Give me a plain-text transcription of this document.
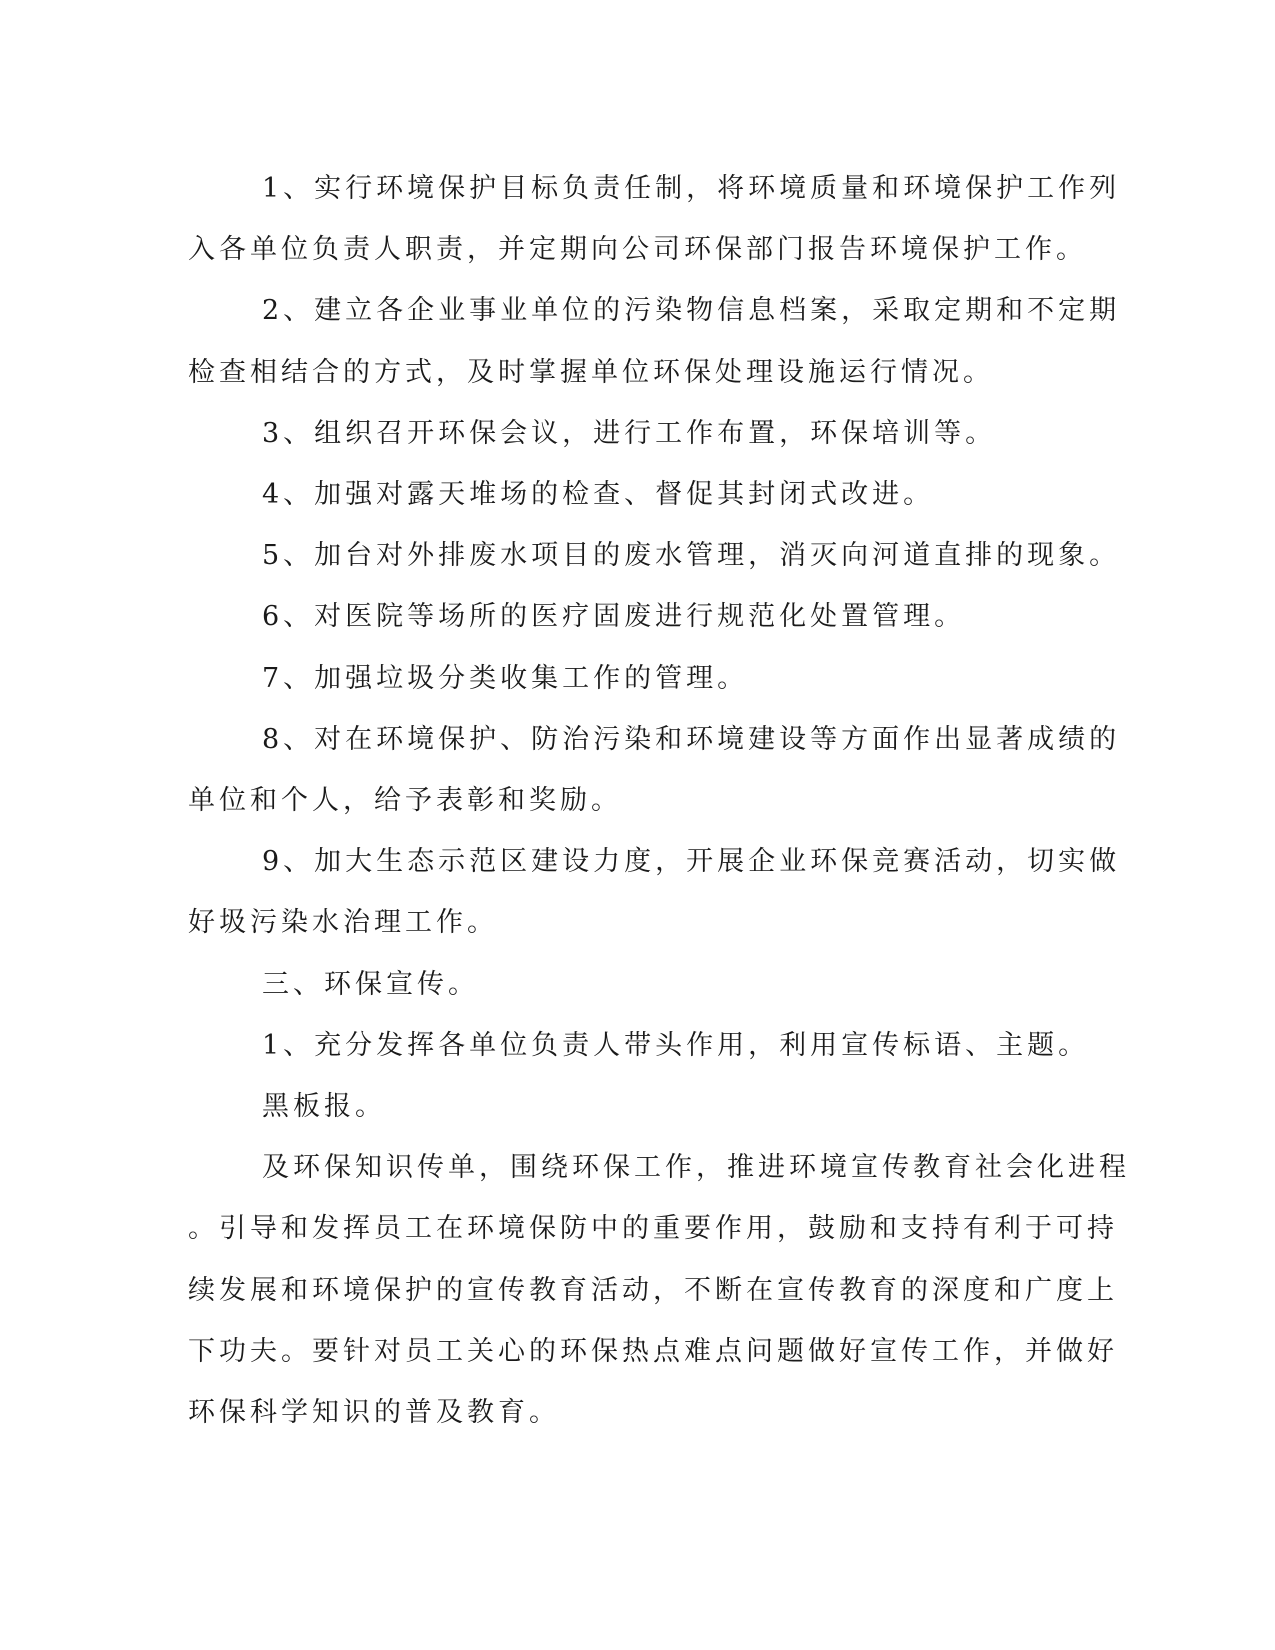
1、实行环境保护目标负责任制，将环境质量和环境保护工作列

入各单位负责人职责，并定期向公司环保部门报告环境保护工作。

2、建立各企业事业单位的污染物信息档案，采取定期和不定期

检查相结合的方式，及时掌握单位环保处理设施运行情况。

3、组织召开环保会议，进行工作布置，环保培训等。

4、加强对露天堆场的检查、督促其封闭式改进。

5、加台对外排废水项目的废水管理，消灭向河道直排的现象。

6、对医院等场所的医疗固废进行规范化处置管理。

7、加强垃圾分类收集工作的管理。

8、对在环境保护、防治污染和环境建设等方面作出显著成绩的

单位和个人，给予表彰和奖励。

9、加大生态示范区建设力度，开展企业环保竞赛活动，切实做

好圾污染水治理工作。

三、环保宣传。

1、充分发挥各单位负责人带头作用，利用宣传标语、主题。

黑板报。

及环保知识传单，围绕环保工作，推进环境宣传教育社会化进程

。引导和发挥员工在环境保防中的重要作用，鼓励和支持有利于可持

续发展和环境保护的宣传教育活动，不断在宣传教育的深度和广度上

下功夫。要针对员工关心的环保热点难点问题做好宣传工作，并做好

环保科学知识的普及教育。
